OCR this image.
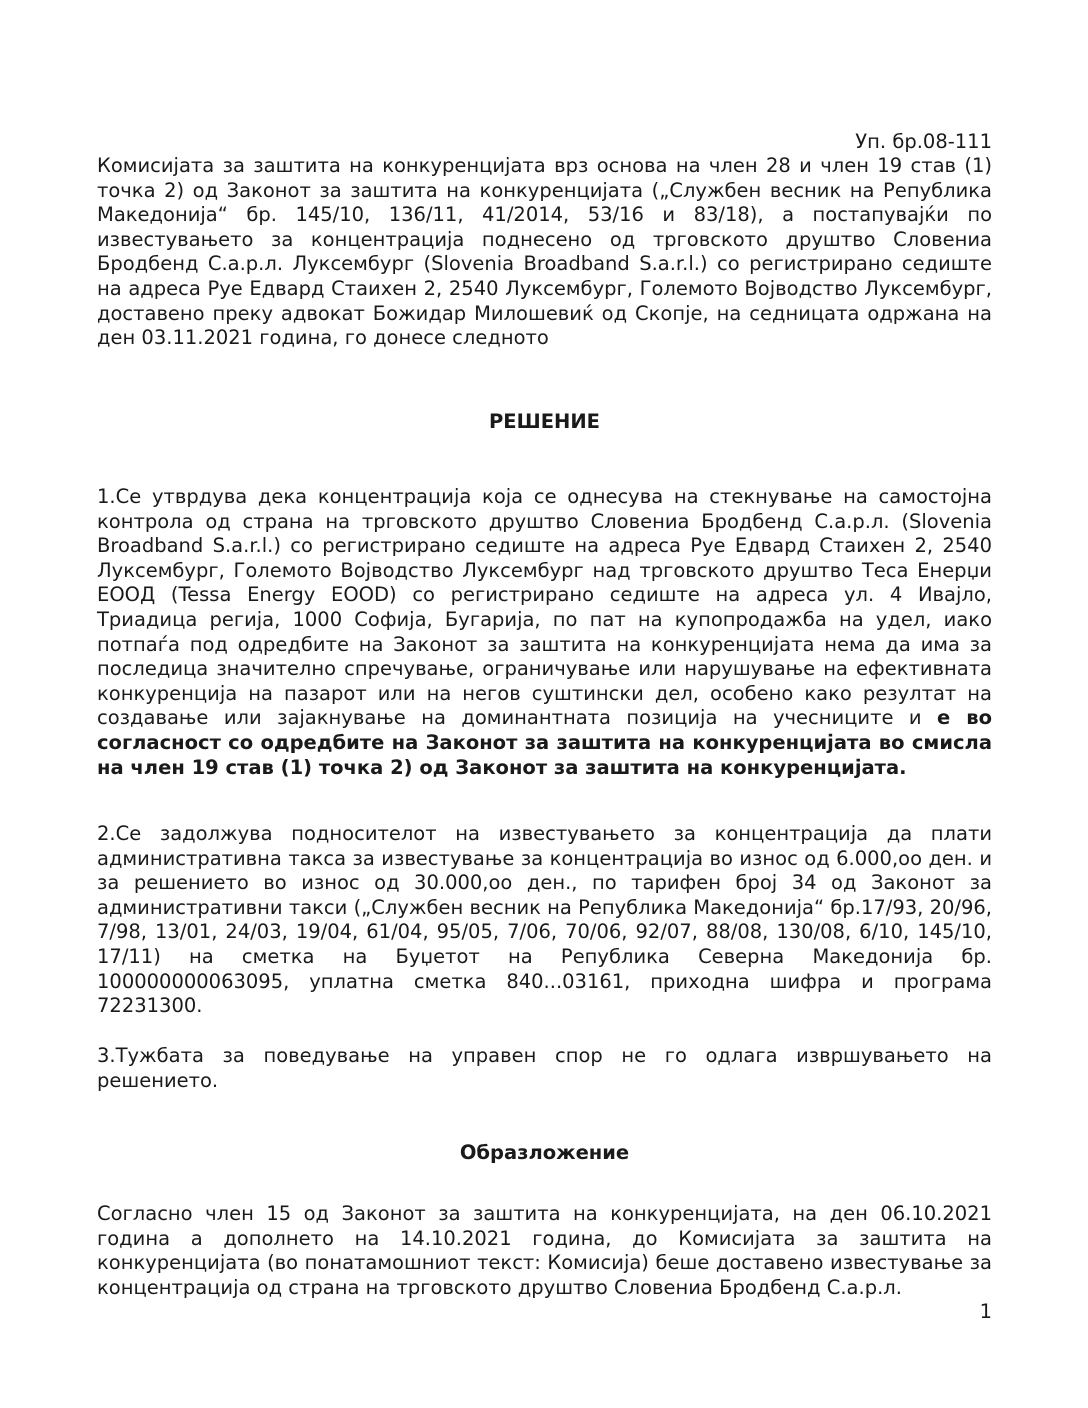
Уп. бр.08-111

Комисијата за заштита на конкуренцијата врз основа на член 28 и член 19 став (1) точка 2) од Законот за заштита на конкуренцијата („Службен весник на Република Македонија“ бр. 145/10, 136/11, 41/2014, 53/16 и 83/18), а постапувајќи по известувањето за концентрација поднесено од трговското друштво Словениа Бродбенд С.а.р.л. Луксембург (Slovenia Broadband S.a.r.l.) со регистрирано седиште на адреса Руе Едвард Стаихен 2, 2540 Луксембург, Големото Војводство Луксембург, доставено преку адвокат Божидар Милошевиќ од Скопје, на седницата одржана на ден 03.11.2021 година, го донесе следното

РЕШЕНИЕ

1.Се утврдува дека концентрација која се однесува на стекнување на самостојна контрола од страна на трговското друштво Словениа Бродбенд С.а.р.л. (Slovenia Broadband S.a.r.l.) со регистрирано седиште на адреса Руе Едвард Стаихен 2, 2540 Луксембург, Големото Војводство Луксембург над трговското друштво Теса Енерџи ЕООД (Tessa Energy EOOD) со регистрирано седиште на адреса ул. 4 Иваjло, Триадица регија, 1000 Софија, Бугарија, по пат на купопродажба на удел, иако потпаѓа под одредбите на Законот за заштита на конкуренцијата нема да има за последица значително спречување, ограничување или нарушување на ефективната конкуренција на пазарот или на негов суштински дел, особено како резултат на создавање или зајакнување на доминантната позиција на учесниците и е во согласност со одредбите на Законот за заштита на конкуренцијата во смисла на член 19 став (1) точка 2) од Законот за заштита на конкуренцијата.

2.Се задолжува подносителот на известувањето за концентрација да плати административна такса за известување за концентрација во износ од 6.000,оо ден. и за решението во износ од 30.000,оо ден., по тарифен број 34 од Законот за административни такси („Службен весник на Република Македонија“ бр.17/93, 20/96, 7/98, 13/01, 24/03, 19/04, 61/04, 95/05, 7/06, 70/06, 92/07, 88/08, 130/08, 6/10, 145/10, 17/11) на сметка на Буџетот на Република Северна Македонија бр. 100000000063095, уплатна сметка 840...03161, приходна шифра и програма 72231300.

3.Тужбата за поведување на управен спор не го одлага извршувањето на решението.

Образложение

Согласно член 15 од Законот за заштита на конкуренцијата, на ден 06.10.2021 година а дополнето на 14.10.2021 година, до Комисијата за заштита на конкуренцијата (во понатамошниот текст: Комисија) беше доставено известување за концентрација од страна на трговското друштво Словениа Бродбенд С.а.р.л.

1
